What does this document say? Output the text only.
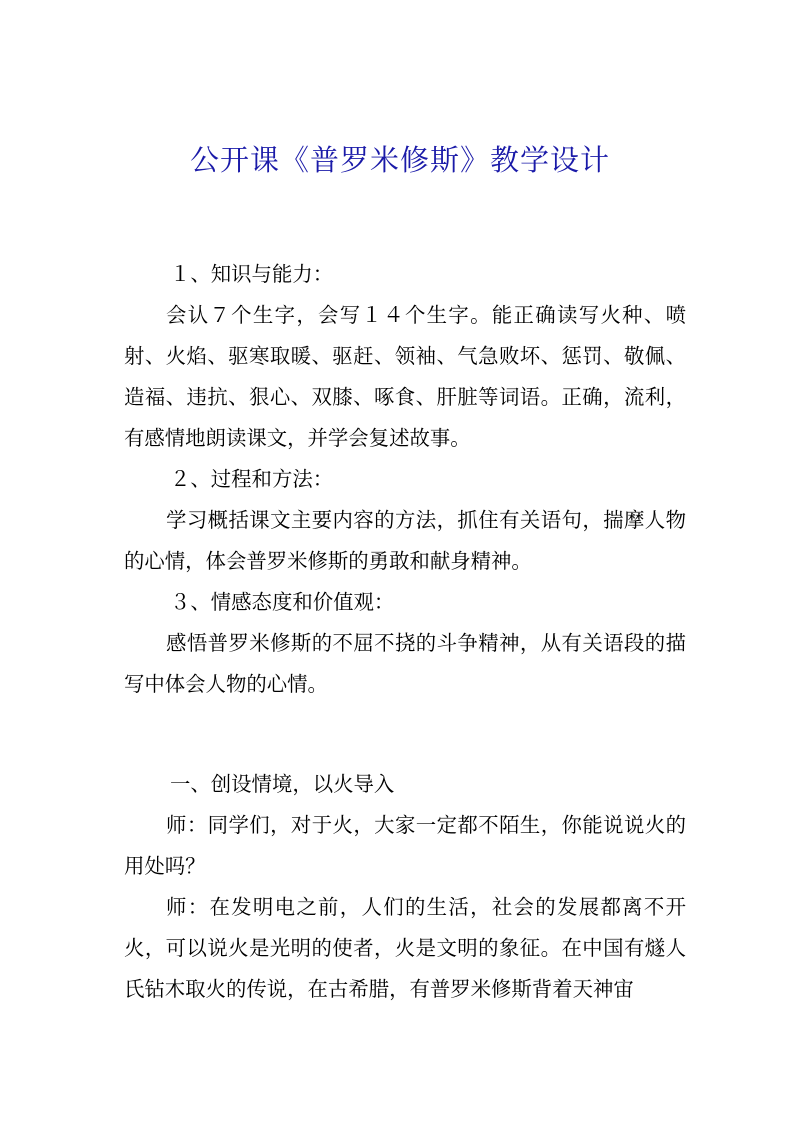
公开课《普罗米修斯》教学设计

１、知识与能力：

会认７个生字，会写１４个生字。能正确读写火种、喷射、火焰、驱寒取暖、驱赶、领袖、气急败坏、惩罚、敬佩、造福、违抗、狠心、双膝、啄食、肝脏等词语。正确，流利，有感情地朗读课文，并学会复述故事。

２、过程和方法：

学习概括课文主要内容的方法，抓住有关语句，揣摩人物的心情，体会普罗米修斯的勇敢和献身精神。

３、情感态度和价值观：

感悟普罗米修斯的不屈不挠的斗争精神，从有关语段的描写中体会人物的心情。

一、创设情境，以火导入

师：同学们，对于火，大家一定都不陌生，你能说说火的用处吗？

师：在发明电之前，人们的生活，社会的发展都离不开火，可以说火是光明的使者，火是文明的象征。在中国有燧人氏钻木取火的传说，在古希腊，有普罗米修斯背着天神宙
